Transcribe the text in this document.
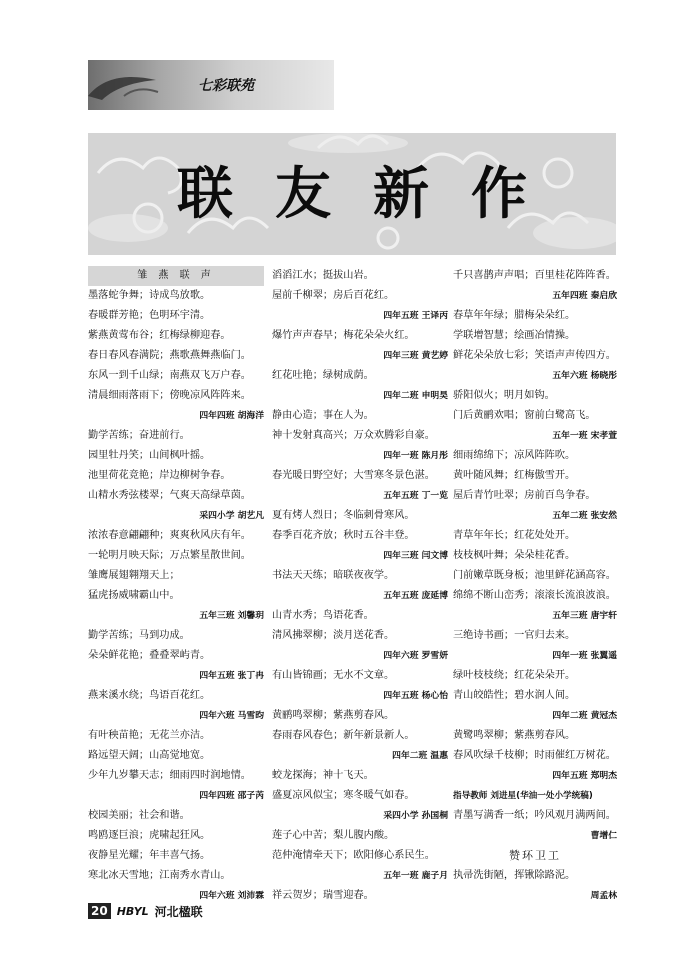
七彩联苑
联友新作
雏 燕 联 声
墨落蛇争舞；诗成鸟放歌。
春暖群芳艳；色明环宇清。
紫燕黄莺布谷；红梅绿柳迎春。
春日春风春满院；燕歌燕舞燕临门。
东风一到千山绿；南燕双飞万户春。
清晨细雨落雨下；傍晚凉风阵阵来。
四年四班 胡海洋
勤学苦练；奋进前行。
园里牡丹笑；山间枫叶摇。
池里荷花竞艳；岸边柳树争春。
山精水秀弦楼翠；气爽天高绿草茵。
采四小学 胡艺凡
浓浓春意翩翩种；爽爽秋风庆有年。
一轮明月映天际；万点繁星散世间。
雏鹰展翅翱翔天上；
猛虎扬威啸霸山中。
五年三班 刘馨玥
勤学苦练；马到功成。
朵朵鲜花艳；叠叠翠屿青。
四年五班 张丁冉
燕来溪水绕；鸟语百花红。
四年六班 马雪昀
有叶秧苗艳；无花兰亦洁。
路远望天阔；山高觉地宽。
少年九岁攀天志；细雨四时润地情。
四年四班 邵子芮
校园美丽；社会和谐。
鸣鸥逐巨浪；虎啸起狂风。
夜静星光耀；年丰喜气扬。
寒北冰天雪地；江南秀水青山。
四年六班 刘沛霖
滔滔江水；挺拔山岩。
屋前千柳翠；房后百花红。
四年五班 王译丙
爆竹声声春早；梅花朵朵火红。
四年三班 黄艺婷
红花吐艳；绿树成荫。
四年二班 申明昊
静由心造；事在人为。
神十发射真高兴；万众欢腾彩自豪。
四年一班 陈月彤
春光暖日野空好；大雪寒冬景色湛。
五年五班 丁一览
夏有烤人烈日；冬临刺骨寒风。
春季百花齐放；秋时五谷丰登。
四年三班 闫文博
书法天天练；暗联夜夜学。
五年五班 庞延博
山青水秀；鸟语花香。
清风拂翠柳；淡月送花香。
四年六班 罗雪妍
有山皆锦画；无水不文章。
四年五班 杨心怡
黄鹂鸣翠柳；紫燕剪春风。
春雨春风春色；新年新景新人。
四年二班 温惠
蛟龙探海；神十飞天。
盛夏凉风似宝；寒冬暖气如春。
采四小学 孙国桐
莲子心中苦；梨儿腹内酸。
范仲淹情牵天下；欧阳修心系民生。
五年一班 鹿子月
祥云贺岁；瑞雪迎春。
千只喜鹊声声唱；百里桂花阵阵香。
五年四班 秦启欣
春草年年绿；腊梅朵朵红。
学联增智慧；绘画冶情操。
鲜花朵朵放七彩；笑语声声传四方。
五年六班 杨晓彤
骄阳似火；明月如钩。
门后黄鹂欢唱；窗前白鹭高飞。
五年一班 宋孝萱
细雨绵绵下；凉风阵阵吹。
黄叶随风舞；红梅傲雪开。
屋后青竹吐翠；房前百鸟争春。
五年二班 张安然
青草年年长；红花处处开。
枝枝枫叶舞；朵朵桂花香。
门前嫩草既身板；池里鲜花涵高容。
绵绵不断山峦秀；滚滚长流浪波浪。
五年三班 唐宇轩
三绝诗书画；一官归去来。
四年一班 张翼遥
绿叶枝枝绕；红花朵朵开。
青山皎皓性；碧水润人间。
四年二班 黄冠杰
黄鹭鸣翠柳；紫燕剪春风。
春风吹绿千枝柳；时雨催红万树花。
四年五班 郑明杰
指导教师 刘进星(华油一处小学统稿)
青墨写满香一纸；吟风观月满两间。
曹增仁
赞环卫工
执帚洗街陋，挥锹除路泥。
周孟林
20 HBYL 河北楹联
